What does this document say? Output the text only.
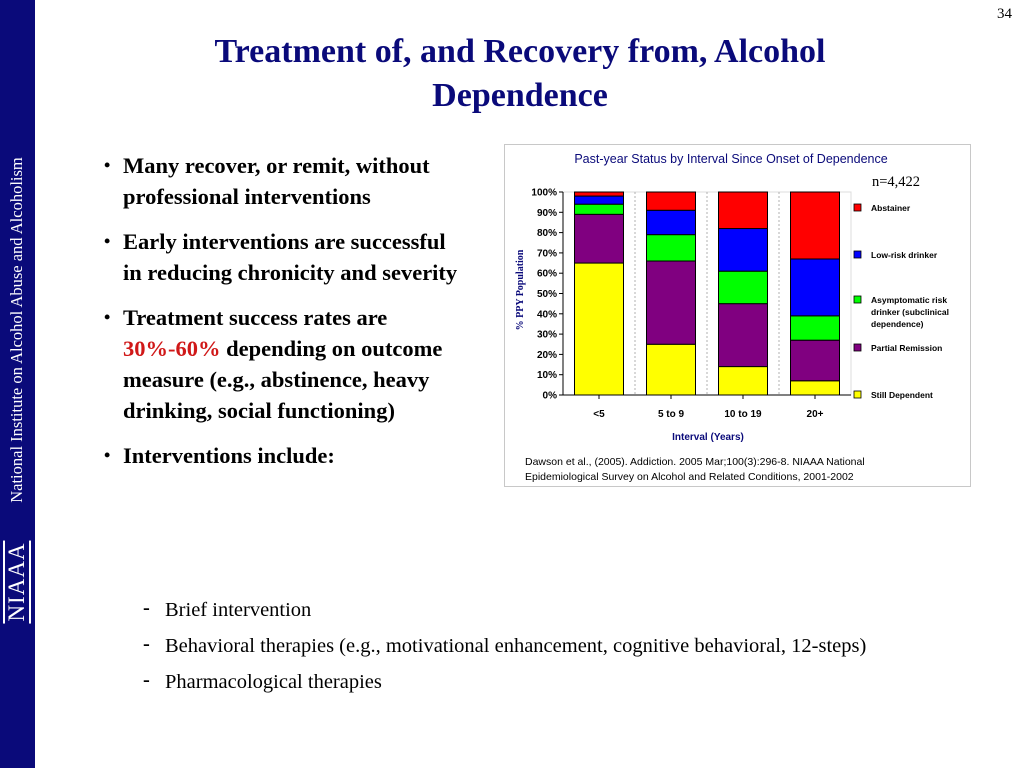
National Institute on Alcohol Abuse and Alcoholism
NIAAA
34
Treatment of, and Recovery from, Alcohol
Dependence
• Many recover, or remit, without professional interventions
• Early interventions are successful in reducing chronicity and severity
• Treatment success rates are 30%-60% depending on outcome measure (e.g., abstinence, heavy drinking, social functioning)
• Interventions include:
- Brief intervention
- Behavioral therapies (e.g., motivational enhancement, cognitive behavioral, 12-steps)
- Pharmacological therapies
Past-year Status by Interval Since Onset of Dependence
n=4,422
% PPY Population
Interval (Years)
0%
10%
20%
30%
40%
50%
60%
70%
80%
90%
100%
<5	5 to 9	10 to 19	20+
Abstainer
Low-risk drinker
Asymptomatic risk
drinker (subclinical
dependence)
Partial Remission
Still Dependent
Dawson et al., (2005). Addiction. 2005 Mar;100(3):296-8. NIAAA National
Epidemiological Survey on Alcohol and Related Conditions, 2001-2002
